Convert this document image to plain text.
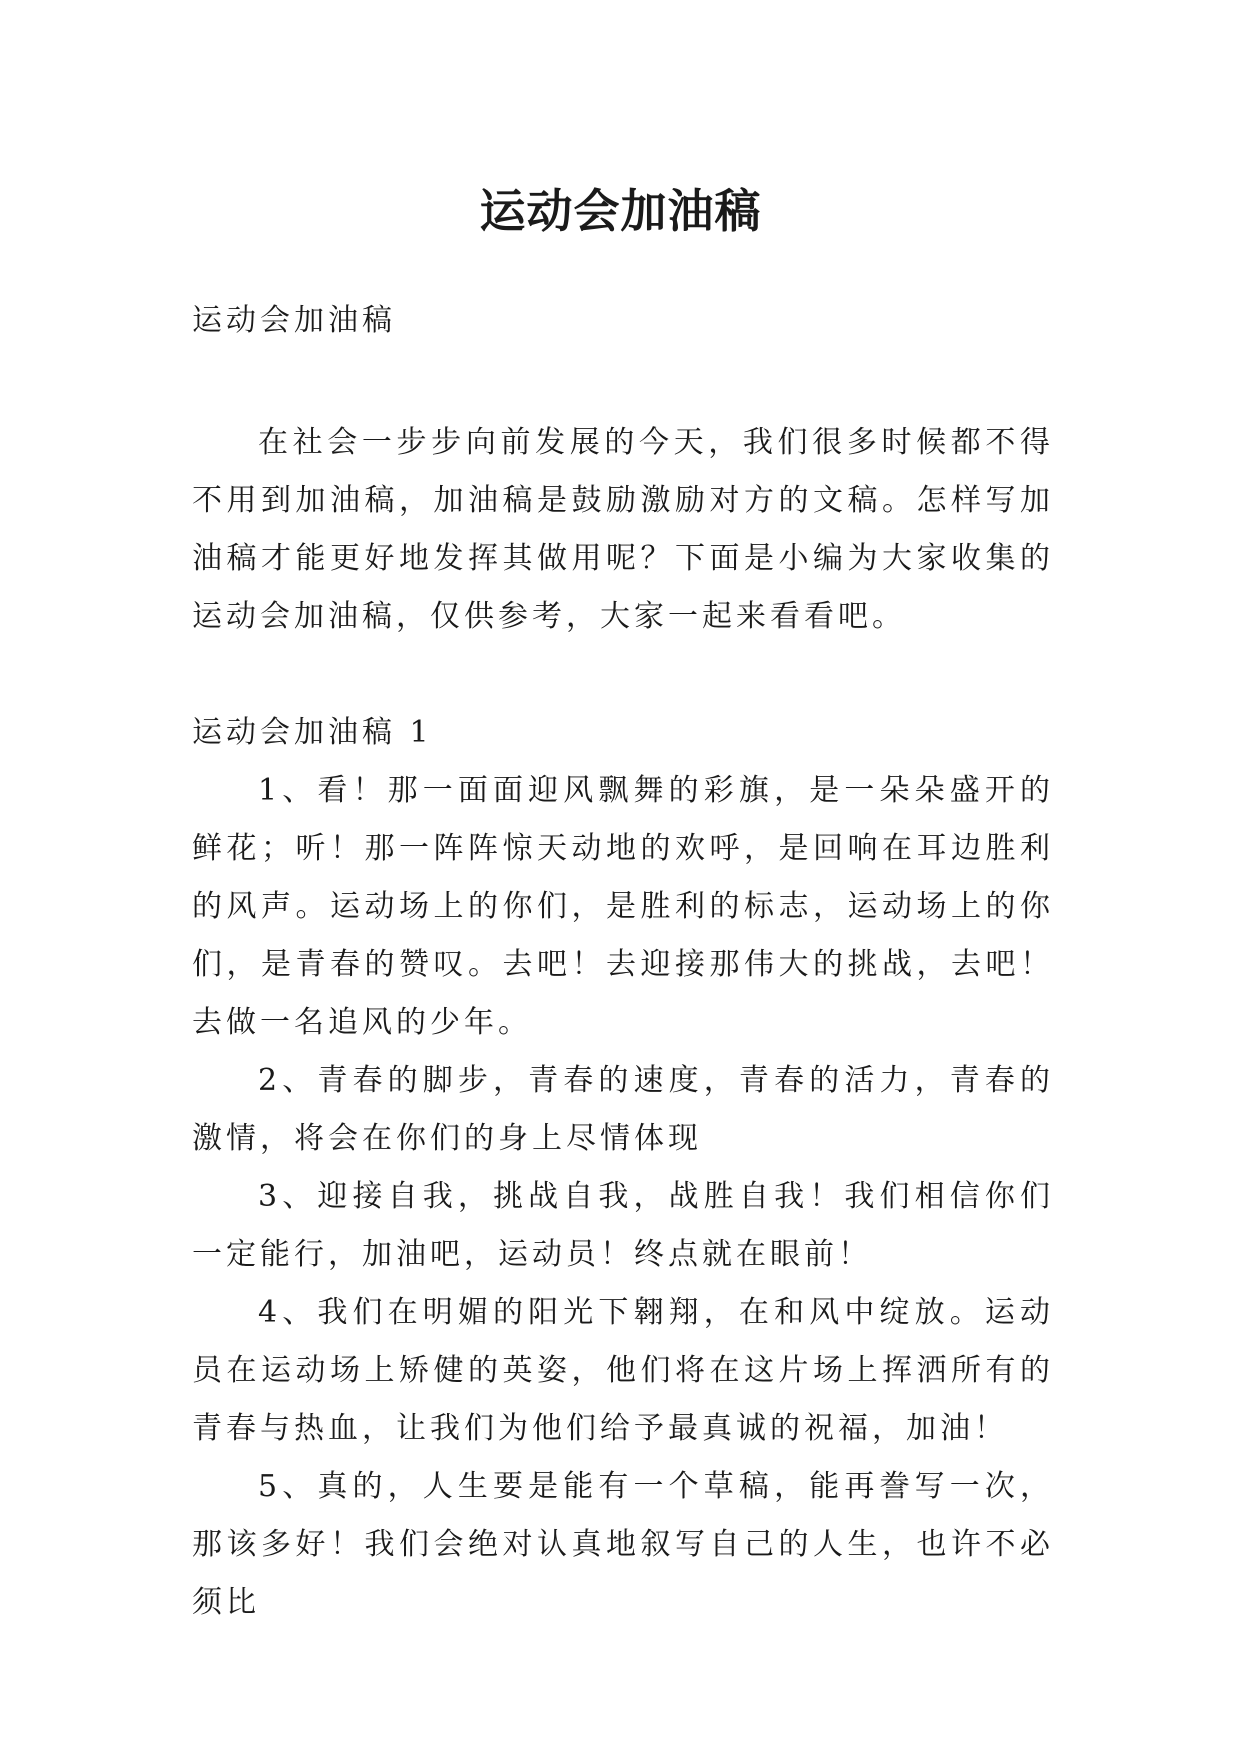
运动会加油稿

运动会加油稿

在社会一步步向前发展的今天，我们很多时候都不得不用到加油稿，加油稿是鼓励激励对方的文稿。怎样写加油稿才能更好地发挥其做用呢？下面是小编为大家收集的运动会加油稿，仅供参考，大家一起来看看吧。

运动会加油稿 1

1、看！那一面面迎风飘舞的彩旗，是一朵朵盛开的鲜花；听！那一阵阵惊天动地的欢呼，是回响在耳边胜利的风声。运动场上的你们，是胜利的标志，运动场上的你们，是青春的赞叹。去吧！去迎接那伟大的挑战，去吧！去做一名追风的少年。

2、青春的脚步，青春的速度，青春的活力，青春的激情，将会在你们的身上尽情体现

3、迎接自我，挑战自我，战胜自我！我们相信你们一定能行，加油吧，运动员！终点就在眼前！

4、我们在明媚的阳光下翱翔，在和风中绽放。运动员在运动场上矫健的英姿，他们将在这片场上挥洒所有的青春与热血，让我们为他们给予最真诚的祝福，加油！

5、真的，人生要是能有一个草稿，能再誊写一次，那该多好！我们会绝对认真地叙写自己的人生，也许不必须比
